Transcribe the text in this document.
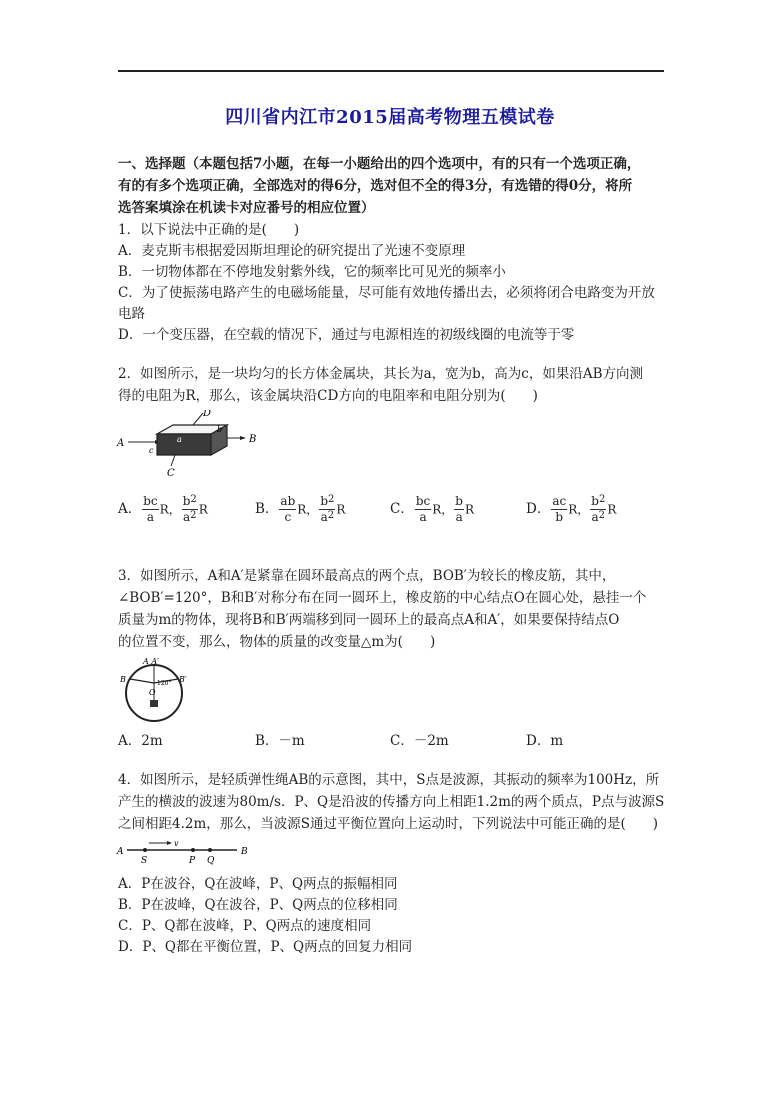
四川省内江市2015届高考物理五模试卷
一、选择题（本题包括7小题，在每一小题给出的四个选项中，有的只有一个选项正确，
有的有多个选项正确，全部选对的得6分，选对但不全的得3分，有选错的得0分，将所
选答案填涂在机读卡对应番号的相应位置）
1．以下说法中正确的是(　　)
A．麦克斯韦根据爱因斯坦理论的研究提出了光速不变原理
B．一切物体都在不停地发射紫外线，它的频率比可见光的频率小
C．为了使振荡电路产生的电磁场能量，尽可能有效地传播出去，必须将闭合电路变为开放
电路
D．一个变压器，在空载的情况下，通过与电源相连的初级线圈的电流等于零
2．如图所示，是一块均匀的长方体金属块，其长为a，宽为b，高为c，如果沿AB方向测
得的电阻为R，那么，该金属块沿CD方向的电阻率和电阻分别为(　　)
A	B
D
C
a
b
c
A． $\frac{bc}{a}$ R， $\frac{b^2}{a^2}$ R	B． $\frac{ab}{c}$ R， $\frac{b^2}{a^2}$ R	C． $\frac{bc}{a}$ R， $\frac{b}{a}$ R	D． $\frac{ac}{b}$ R， $\frac{b^2}{a^2}$ R
3．如图所示，A和A′是紧靠在圆环最高点的两个点，BOB′为较长的橡皮筋，其中，
∠BOB′=120°，B和B′对称分布在同一圆环上，橡皮筋的中心结点O在圆心处，悬挂一个
质量为m的物体，现将B和B′两端移到同一圆环上的最高点A和A′，如果要保持结点O
的位置不变，那么，物体的质量的改变量△m为(　　)
A A′
B	B′
O
120°
A．2m	B．－m	C．－2m	D．m
4．如图所示，是轻质弹性绳AB的示意图，其中，S点是波源，其振动的频率为100Hz，所
产生的横波的波速为80m/s．P、Q是沿波的传播方向上相距1.2m的两个质点，P点与波源S
之间相距4.2m，那么，当波源S通过平衡位置向上运动时，下列说法中可能正确的是(　　)
A
S	P Q
B
v
A．P在波谷，Q在波峰，P、Q两点的振幅相同
B．P在波峰，Q在波谷，P、Q两点的位移相同
C．P、Q都在波峰，P、Q两点的速度相同
D．P、Q都在平衡位置，P、Q两点的回复力相同
